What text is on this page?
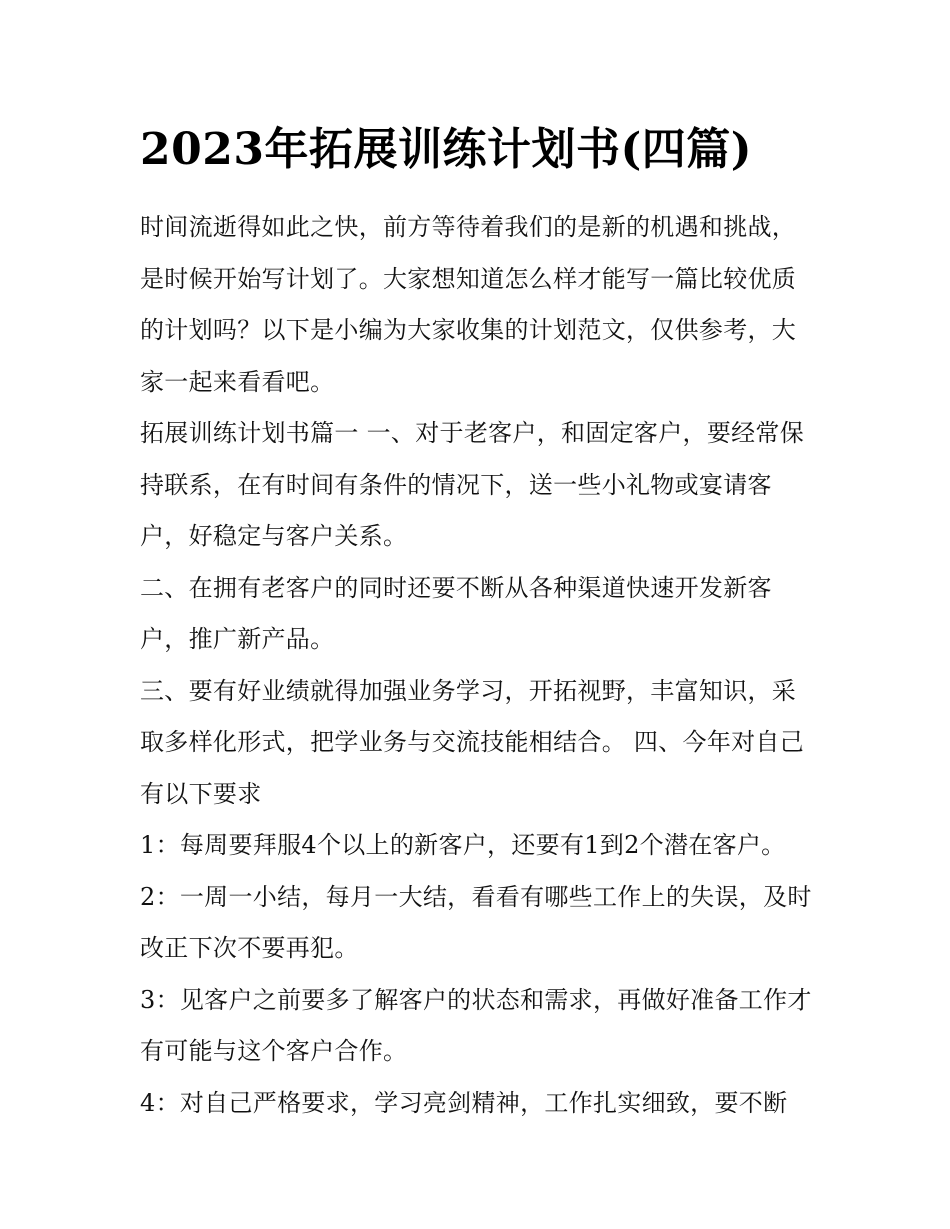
2023年拓展训练计划书(四篇)

时间流逝得如此之快，前方等待着我们的是新的机遇和挑战，是时候开始写计划了。大家想知道怎么样才能写一篇比较优质的计划吗？以下是小编为大家收集的计划范文，仅供参考，大家一起来看看吧。

拓展训练计划书篇一 一、对于老客户，和固定客户，要经常保持联系，在有时间有条件的情况下，送一些小礼物或宴请客户，好稳定与客户关系。

二、在拥有老客户的同时还要不断从各种渠道快速开发新客户，推广新产品。

三、要有好业绩就得加强业务学习，开拓视野，丰富知识，采取多样化形式，把学业务与交流技能相结合。 四、今年对自己有以下要求

1：每周要拜服4个以上的新客户，还要有1到2个潜在客户。

2：一周一小结，每月一大结，看看有哪些工作上的失误，及时改正下次不要再犯。

3：见客户之前要多了解客户的状态和需求，再做好准备工作才有可能与这个客户合作。

4：对自己严格要求，学习亮剑精神，工作扎实细致，要不断
